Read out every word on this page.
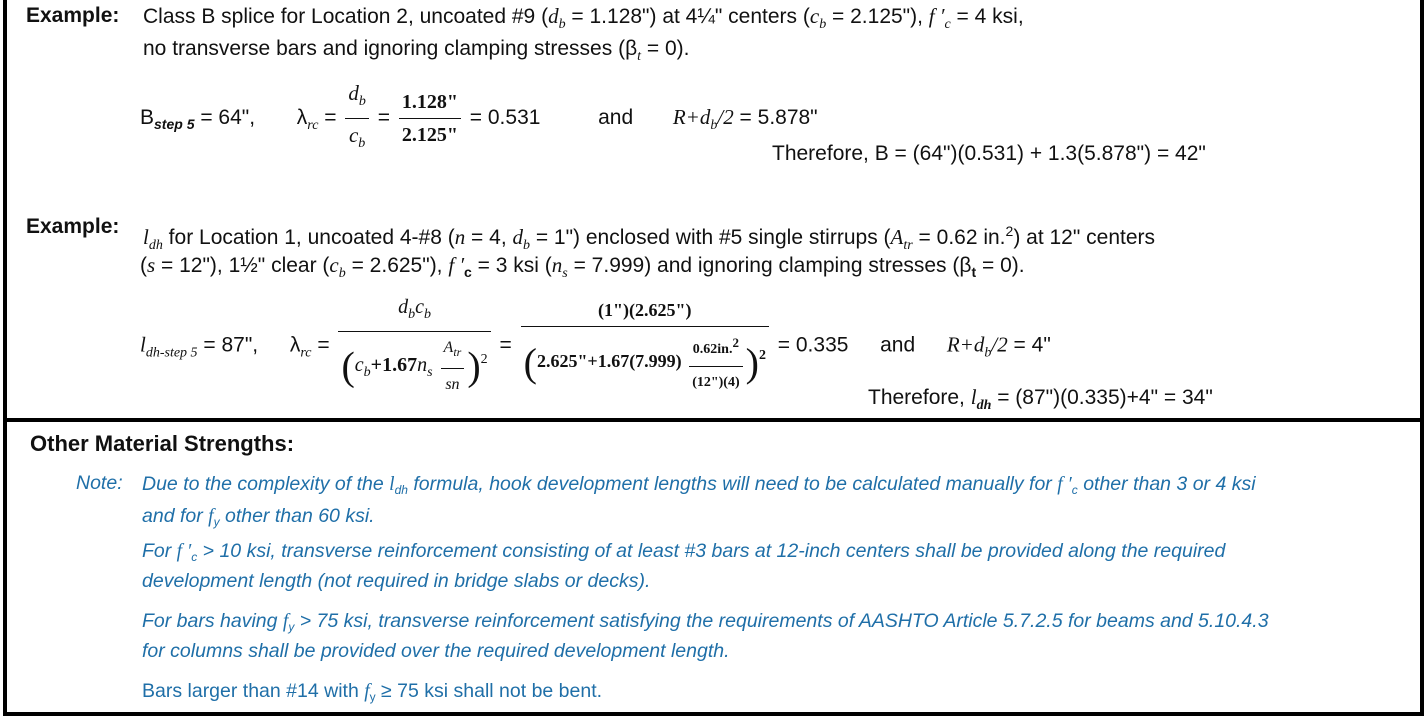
Example: Class B splice for Location 2, uncoated #9 ($d_b$ = 1.128") at 4¼" centers ($c_b$ = 2.125"), f $'_c = 4$ ksi,
no transverse bars and ignoring clamping stresses $(\beta_t = 0)$.
$B_{step 5} = 64$", $\lambda_{rc} = \frac{d_b}{c_b} = \frac{1.128"}{2.125"} = 0.531$	and $R+d_b/2 = 5.878$"
Therefore, B = (64")(0.531) + 1.3(5.878") = 42"
Example: $l_{dh}$ for Location 1, uncoated 4-#8 (n = 4, $d_b$ = 1") enclosed with #5 single stirrups ($A_{tr} = 0.62$ in.$^2$) at 12" centers
(s = 12"), 1½" clear ($c_b$ = 2.625"), f $'_c = 3$ ksi $(n_s = 7.999)$ and ignoring clamping stresses $(\beta_t = 0)$.
$l_{dh-step 5} = 87$", $\lambda_{rc} = \frac{d_bc_b}{(c_b+1.67n_s \frac{A_{tr}}{sn} )^2} = \frac{(1")(2.625")}{(2.625"+1.67(7.999) \frac{0.62in.2}{(12")(4)} )^2} = 0.335$ and $R+d_b/2 = 4$"
Therefore, $l_{dh}$ = (87")(0.335)+4" = 34"
Other Material Strengths:
Note: Due to the complexity of the $l_{dh}$ formula, hook development lengths will need to be calculated manually for f $'_c$ other than 3 or 4 ksi
and for $f_y$ other than 60 ksi.
For f $'_c > 10$ ksi, transverse reinforcement consisting of at least #3 bars at 12-inch centers shall be provided along the required
development length (not required in bridge slabs or decks).
For bars having $f_y > 75$ ksi, transverse reinforcement satisfying the requirements of AASHTO Article 5.7.2.5 for beams and 5.10.4.3
for columns shall be provided over the required development length.
Bars larger than #14 with $f_y \ge 75$ ksi shall not be bent.
